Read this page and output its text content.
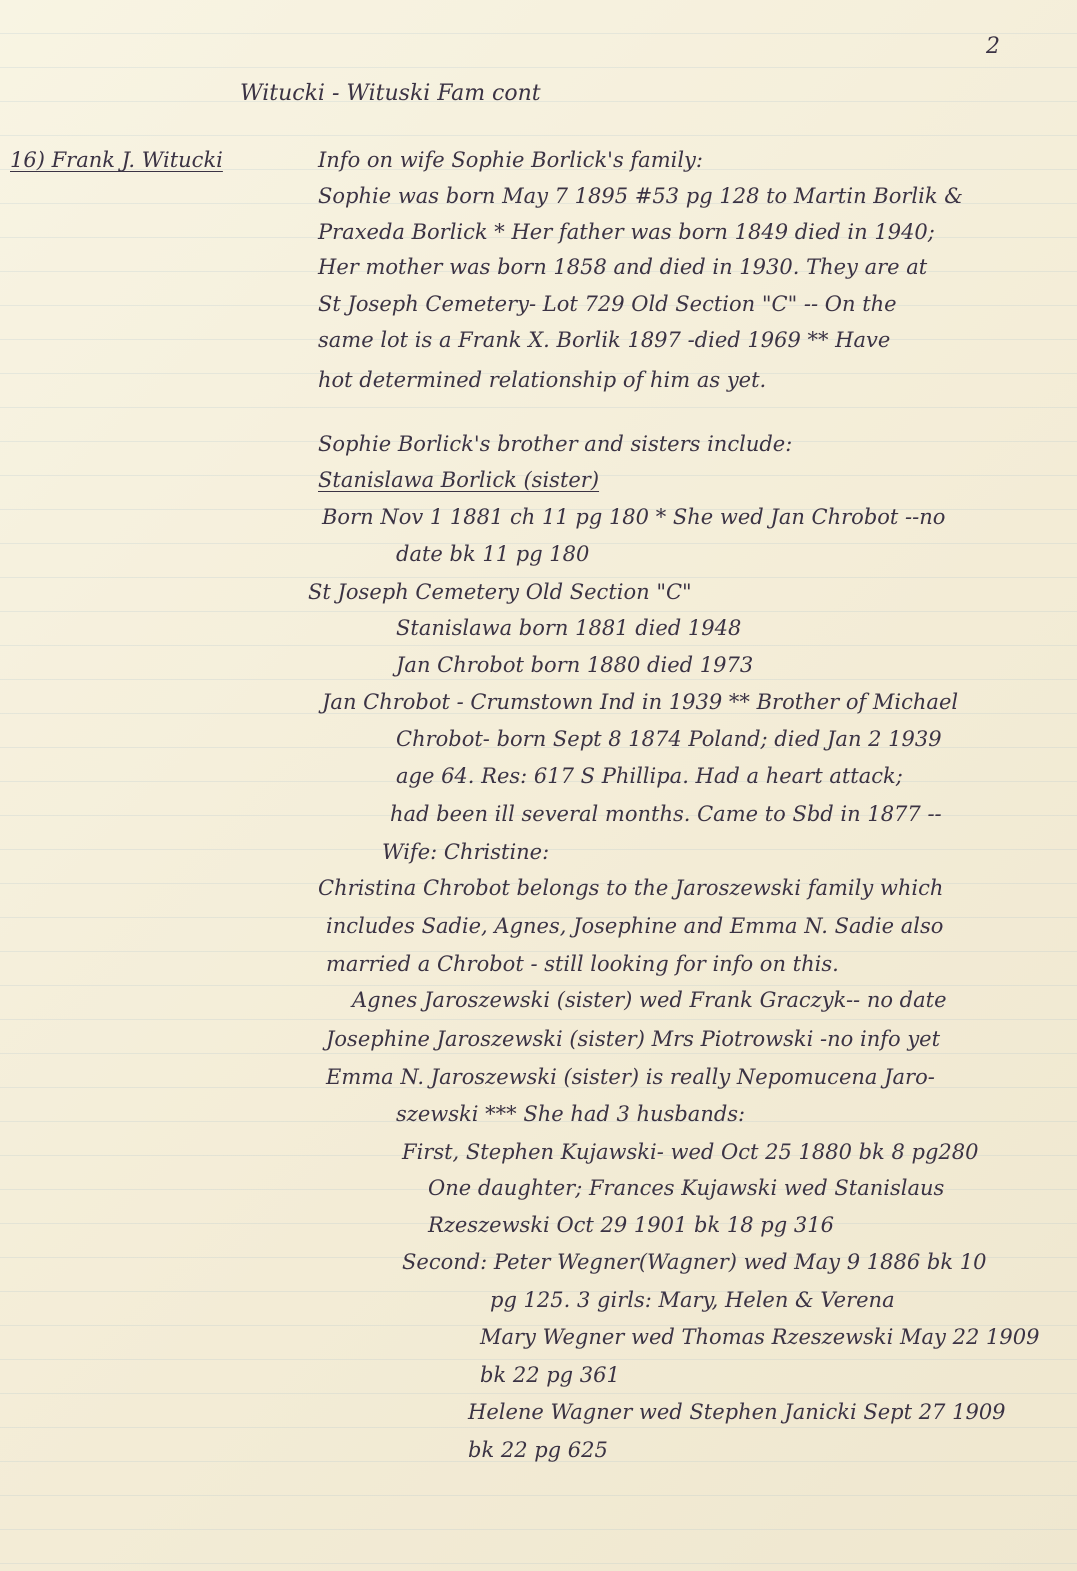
2
Witucki - Wituski Fam cont
16) Frank J. Witucki	Info on wife Sophie Borlick's family:
Sophie was born May 7 1895 #53 pg 128 to Martin Borlik &
Praxeda Borlick * Her father was born 1849 died in 1940;
Her mother was born 1858 and died in 1930. They are at
St Joseph Cemetery- Lot 729 Old Section "C" -- On the
same lot is a Frank X. Borlik 1897 -died 1969 ** Have
hot determined relationship of him as yet.
Sophie Borlick's brother and sisters include:
Stanislawa Borlick (sister)
Born Nov 1 1881 ch 11 pg 180 * She wed Jan Chrobot --no
date bk 11 pg 180
St Joseph Cemetery Old Section "C"
Stanislawa born 1881 died 1948
Jan Chrobot born 1880 died 1973
Jan Chrobot - Crumstown Ind in 1939 ** Brother of Michael
Chrobot- born Sept 8 1874 Poland; died Jan 2 1939
age 64. Res: 617 S Phillipa. Had a heart attack;
had been ill several months. Came to Sbd in 1877 --
Wife: Christine:
Christina Chrobot belongs to the Jaroszewski family which
includes Sadie, Agnes, Josephine and Emma N. Sadie also
married a Chrobot - still looking for info on this.
Agnes Jaroszewski (sister) wed Frank Graczyk-- no date
Josephine Jaroszewski (sister) Mrs Piotrowski -no info yet
Emma N. Jaroszewski (sister) is really Nepomucena Jaro-
szewski *** She had 3 husbands:
First, Stephen Kujawski- wed Oct 25 1880 bk 8 pg280
One daughter; Frances Kujawski wed Stanislaus
Rzeszewski Oct 29 1901 bk 18 pg 316
Second: Peter Wegner(Wagner) wed May 9 1886 bk 10
pg 125. 3 girls: Mary, Helen & Verena
Mary Wegner wed Thomas Rzeszewski May 22 1909
bk 22 pg 361
Helene Wagner wed Stephen Janicki Sept 27 1909
bk 22 pg 625
